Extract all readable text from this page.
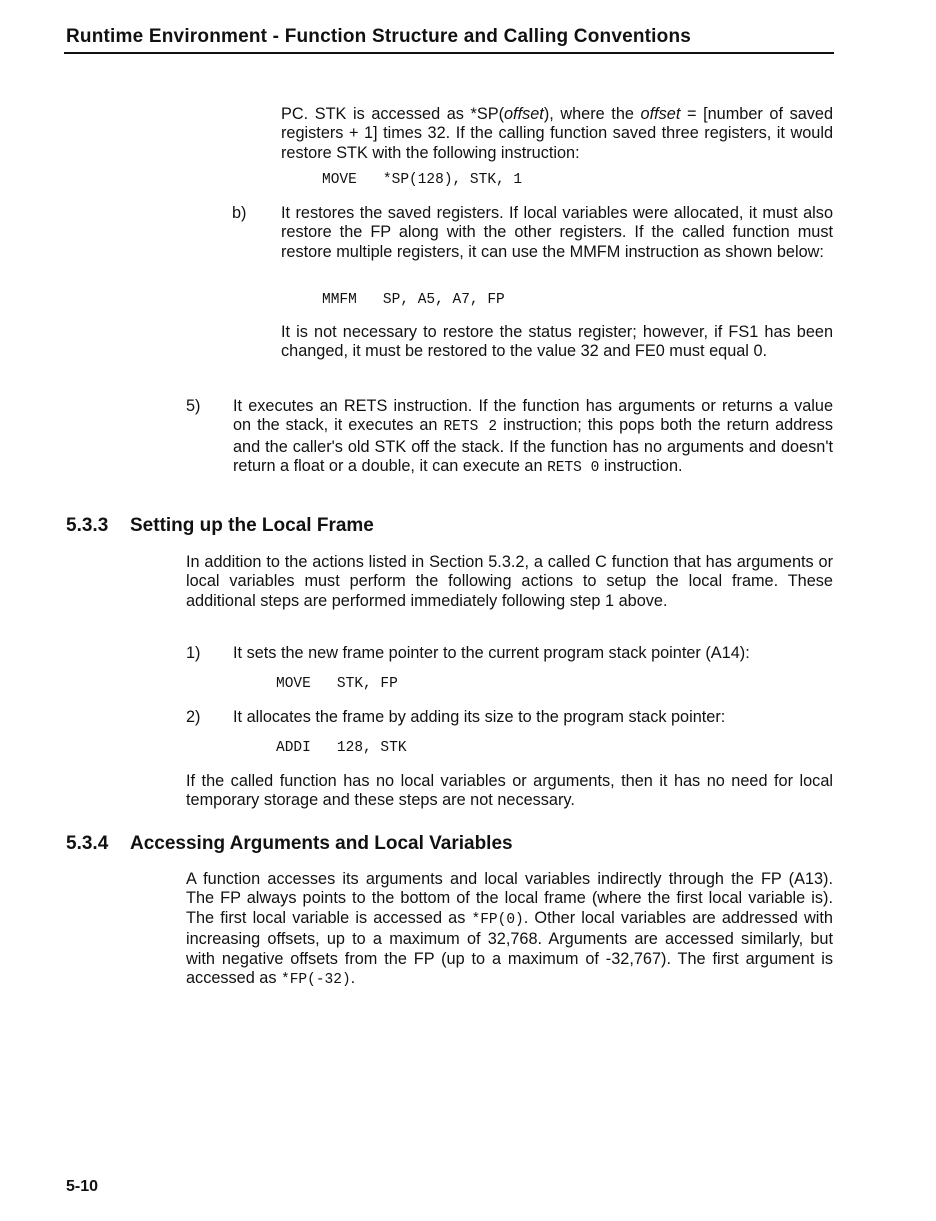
Runtime Environment - Function Structure and Calling Conventions

PC. STK is accessed as *SP(offset), where the offset = [number of saved registers + 1] times 32. If the calling function saved three registers, it would restore STK with the following instruction:

MOVE   *SP(128), STK, 1
b) It restores the saved registers. If local variables were allocated, it must also restore the FP along with the other registers. If the called function must restore multiple registers, it can use the MMFM instruction as shown below:

MMFM   SP, A5, A7, FP

It is not necessary to restore the status register; however, if FS1 has been changed, it must be restored to the value 32 and FE0 must equal 0.

5) It executes an RETS instruction. If the function has arguments or returns a value on the stack, it executes an RETS 2 instruction; this pops both the return address and the caller's old STK off the stack. If the function has no arguments and doesn't return a float or a double, it can execute an RETS 0 instruction.

5.3.3 Setting up the Local Frame

In addition to the actions listed in Section 5.3.2, a called C function that has arguments or local variables must perform the following actions to setup the local frame. These additional steps are performed immediately following step 1 above.

1) It sets the new frame pointer to the current program stack pointer (A14):

MOVE   STK, FP
2) It allocates the frame by adding its size to the program stack pointer:

ADDI   128, STK

If the called function has no local variables or arguments, then it has no need for local temporary storage and these steps are not necessary.

5.3.4 Accessing Arguments and Local Variables

A function accesses its arguments and local variables indirectly through the FP (A13). The FP always points to the bottom of the local frame (where the first local variable is). The first local variable is accessed as *FP(0). Other local variables are addressed with increasing offsets, up to a maximum of 32,768. Arguments are accessed similarly, but with negative offsets from the FP (up to a maximum of -32,767). The first argument is accessed as *FP(-32).

5-10
